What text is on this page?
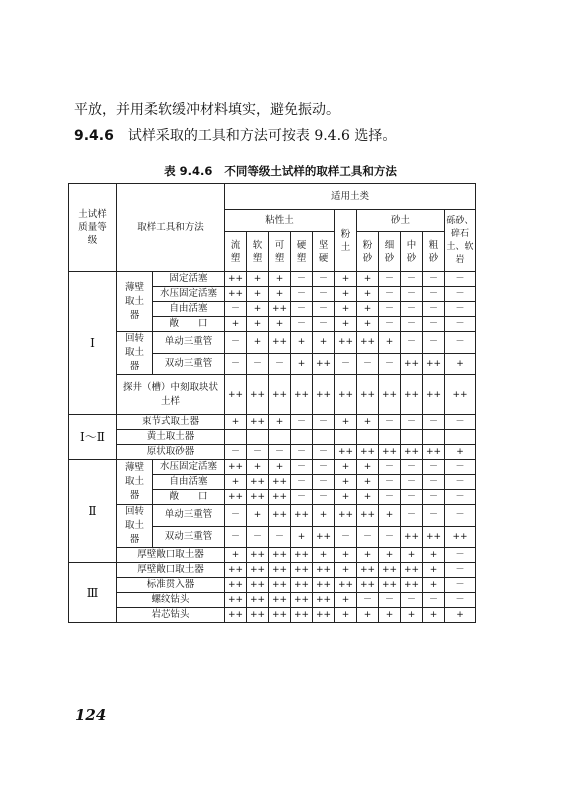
平放，并用柔软缓冲材料填实，避免振动。
9.4.6 试样采取的工具和方法可按表 9.4.6 选择。
表 9.4.6 不同等级土试样的取样工具和方法
土试样质量等级	取样工具和方法		适用土类										
			粘性土					粉土	砂土				砾砂、碎石土、软岩

			流塑	软塑	可塑	硬塑	坚硬		粉砂	细砂	中砂	粗砂	

Ⅰ	薄壁取土器	固定活塞	++	+	+	－	－	+	+	－	－	－	－
		水压固定活塞	++	+	+	－	－	+	+	－	－	－	－
		自由活塞	－	+	++	－	－	+	+	－	－	－	－
		敞　　口	+	+	+	－	－	+	+	－	－	－	－

	回转取土器	单动三重管	－	+	++	+	+	++	++	+	－	－	－
		双动三重管	－	－	－	+	++	－	－	－	++	++	+
	探井（槽）中刻取块状土样		++	++	++	++	++	++	++	++	++	++	++
Ⅰ～Ⅱ	束节式取土器		+	++	+	－	－	+	+	－	－	－	－
	黄土取土器												
	原状取砂器		－	－	－	－	－	++	++	++	++	++	+
Ⅱ	薄壁取土器	水压固定活塞	++	+	+	－	－	+	+	－	－	－	－
		自由活塞	+	++	++	－	－	+	+	－	－	－	－
		敞　　口	++	++	++	－	－	+	+	－	－	－	－

	回转取土器	单动三重管	－	+	++	++	+	++	++	+	－	－	－
		双动三重管	－	－	－	+	++	－	－	－	++	++	++
	厚壁敞口取土器		+	++	++	++	+	+	+	+	+	+	－
Ⅲ	厚壁敞口取土器		++	++	++	++	++	+	++	++	++	+	－
	标准贯入器		++	++	++	++	++	++	++	++	++	+	－
	螺纹钻头		++	++	++	++	++	+	－	－	－	－	－
	岩芯钻头		++	++	++	++	++	+	+	+	+	+	+
124
